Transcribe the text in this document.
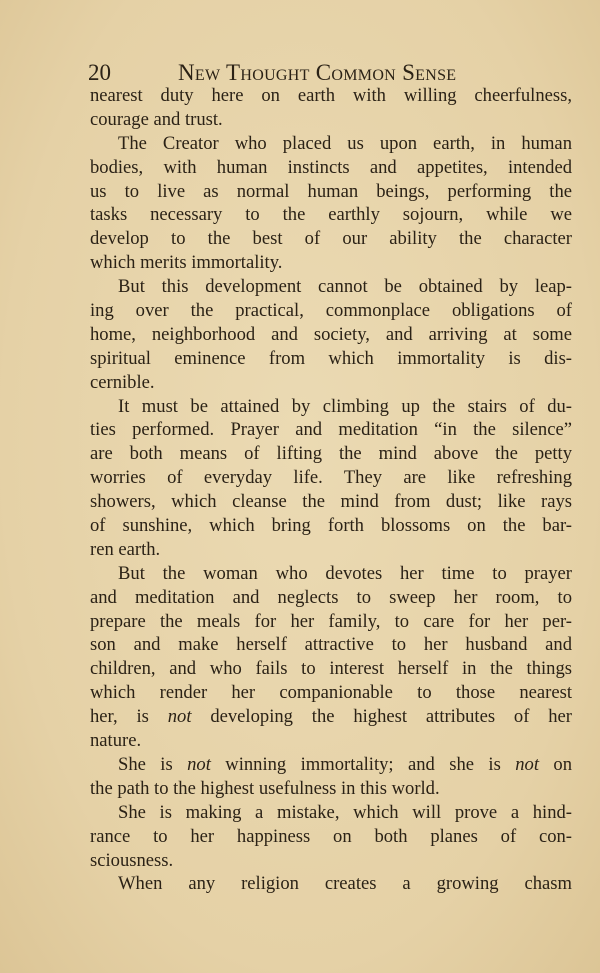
20	New Thought Common Sense
nearest duty here on earth with willing cheerfulness,
courage and trust.
The Creator who placed us upon earth, in human
bodies, with human instincts and appetites, intended
us to live as normal human beings, performing the
tasks necessary to the earthly sojourn, while we
develop to the best of our ability the character
which merits immortality.
But this development cannot be obtained by leap-
ing over the practical, commonplace obligations of
home, neighborhood and society, and arriving at some
spiritual eminence from which immortality is dis-
cernible.
It must be attained by climbing up the stairs of du-
ties performed. Prayer and meditation “in the silence”
are both means of lifting the mind above the petty
worries of everyday life. They are like refreshing
showers, which cleanse the mind from dust; like rays
of sunshine, which bring forth blossoms on the bar-
ren earth.
But the woman who devotes her time to prayer
and meditation and neglects to sweep her room, to
prepare the meals for her family, to care for her per-
son and make herself attractive to her husband and
children, and who fails to interest herself in the things
which render her companionable to those nearest
her, is not developing the highest attributes of her
nature.
She is not winning immortality; and she is not on
the path to the highest usefulness in this world.
She is making a mistake, which will prove a hind-
rance to her happiness on both planes of con-
sciousness.
When any religion creates a growing chasm
